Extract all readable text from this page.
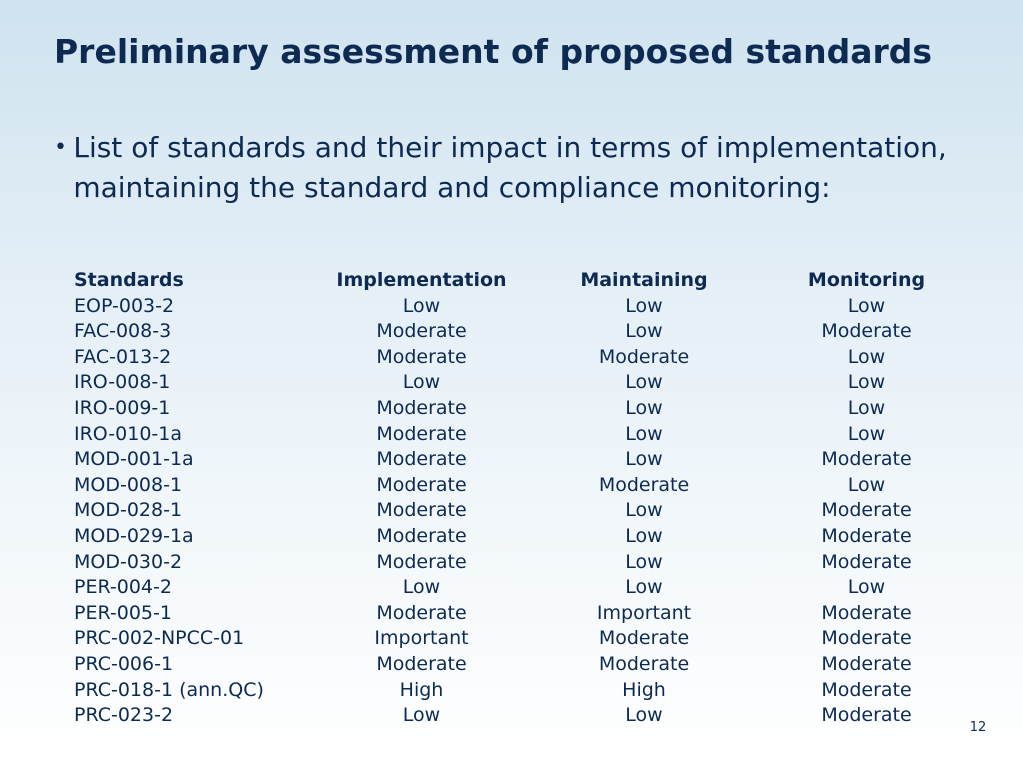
Preliminary assessment of proposed standards
• List of standards and their impact in terms of implementation, maintaining the standard and compliance monitoring:
Standards	Implementation	Maintaining	Monitoring
EOP-003-2	Low	Low	Low
FAC-008-3	Moderate	Low	Moderate
FAC-013-2	Moderate	Moderate	Low
IRO-008-1	Low	Low	Low
IRO-009-1	Moderate	Low	Low
IRO-010-1a	Moderate	Low	Low
MOD-001-1a	Moderate	Low	Moderate
MOD-008-1	Moderate	Moderate	Low
MOD-028-1	Moderate	Low	Moderate
MOD-029-1a	Moderate	Low	Moderate
MOD-030-2	Moderate	Low	Moderate
PER-004-2	Low	Low	Low
PER-005-1	Moderate	Important	Moderate
PRC-002-NPCC-01	Important	Moderate	Moderate
PRC-006-1	Moderate	Moderate	Moderate
PRC-018-1 (ann.QC)	High	High	Moderate
PRC-023-2	Low	Low	Moderate
12
